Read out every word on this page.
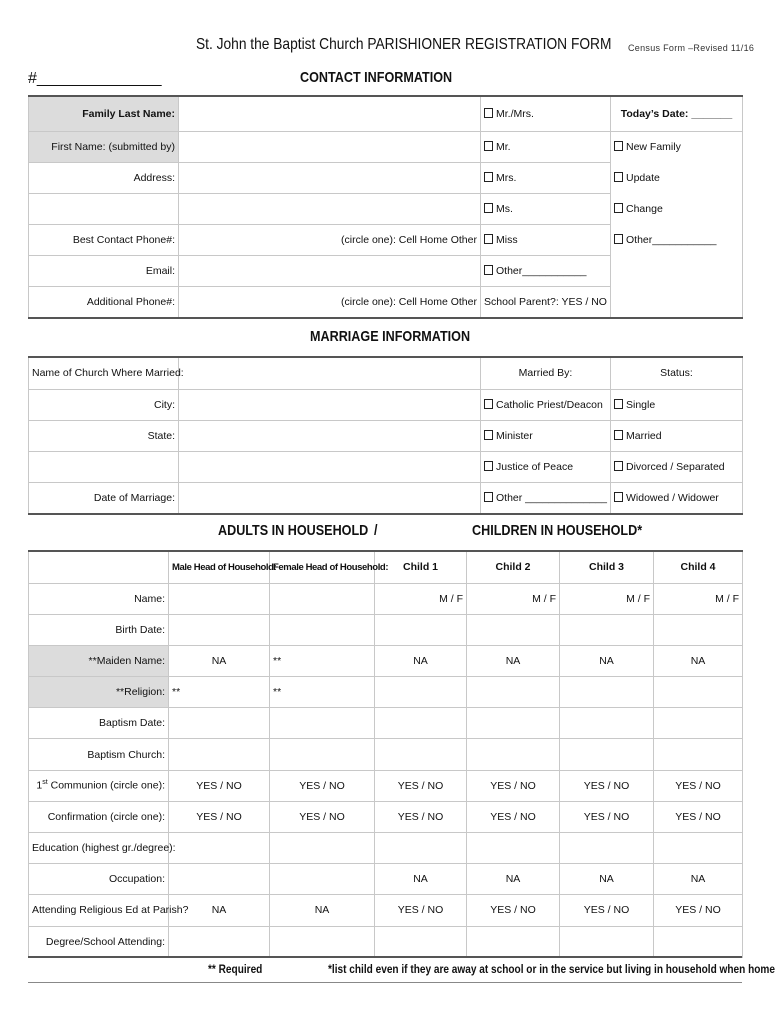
St. John the Baptist Church PARISHIONER REGISTRATION FORM Census Form –Revised 11/16
#______________	CONTACT INFORMATION
Family Last Name:		Mr./Mrs.	Today’s Date: _______
First Name: (submitted by)		Mr.	New Family
Address:		Mrs.	Update
		Ms.	Change
Best Contact Phone#:	(circle one): Cell Home Other	Miss	Other___________
Email:		Other___________	
Additional Phone#:	(circle one): Cell Home Other	School Parent?: YES / NO	
MARRIAGE INFORMATION
Name of Church Where Married:		Married By:	Status:
City:		Catholic Priest/Deacon	Single
State:		Minister	Married
		Justice of Peace	Divorced / Separated
Date of Marriage:		Other ______________	Widowed / Widower
ADULTS IN HOUSEHOLD /	CHILDREN IN HOUSEHOLD*
	Male Head of Household:	Female Head of Household:	Child 1	Child 2	Child 3	Child 4
Name:			M / F	M / F	M / F	M / F
Birth Date:						
**Maiden Name:	NA	**	NA	NA	NA	NA
**Religion:	**	**				
Baptism Date:						
Baptism Church:						
1st Communion (circle one):	YES / NO	YES / NO	YES / NO	YES / NO	YES / NO	YES / NO
Confirmation (circle one):	YES / NO	YES / NO	YES / NO	YES / NO	YES / NO	YES / NO
Education (highest gr./degree):						
Occupation:			NA	NA	NA	NA
Attending Religious Ed at Parish?	NA	NA	YES / NO	YES / NO	YES / NO	YES / NO
Degree/School Attending:						
** Required	*list child even if they are away at school or in the service but living in household when home
